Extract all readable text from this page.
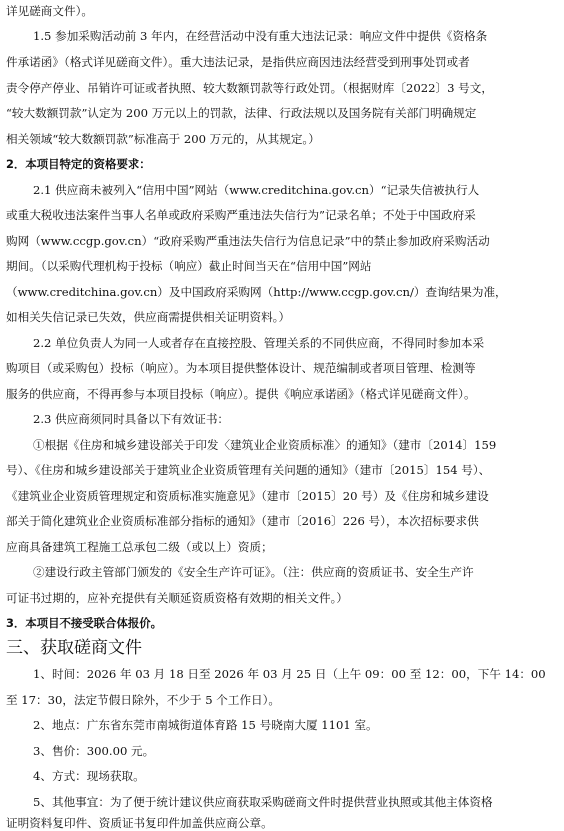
详见磋商文件）。
1.5 参加采购活动前 3 年内，在经营活动中没有重大违法记录：响应文件中提供《资格条
件承诺函》（格式详见磋商文件）。重大违法记录，是指供应商因违法经营受到刑事处罚或者
责令停产停业、吊销许可证或者执照、较大数额罚款等行政处罚。（根据财库〔2022〕3 号文，
“较大数额罚款”认定为 200 万元以上的罚款，法律、行政法规以及国务院有关部门明确规定
相关领域“较大数额罚款”标准高于 200 万元的，从其规定。）
2．本项目特定的资格要求：
2.1 供应商未被列入“信用中国”网站（www.creditchina.gov.cn）“记录失信被执行人
或重大税收违法案件当事人名单或政府采购严重违法失信行为”记录名单；不处于中国政府采
购网（www.ccgp.gov.cn）“政府采购严重违法失信行为信息记录”中的禁止参加政府采购活动
期间。（以采购代理机构于投标（响应）截止时间当天在“信用中国”网站
（www.creditchina.gov.cn）及中国政府采购网（http://www.ccgp.gov.cn/）查询结果为准，
如相关失信记录已失效，供应商需提供相关证明资料。）
2.2 单位负责人为同一人或者存在直接控股、管理关系的不同供应商，不得同时参加本采
购项目（或采购包）投标（响应）。为本项目提供整体设计、规范编制或者项目管理、检测等
服务的供应商，不得再参与本项目投标（响应）。提供《响应承诺函》（格式详见磋商文件）。
2.3 供应商须同时具备以下有效证书：
①根据《住房和城乡建设部关于印发〈建筑业企业资质标准〉的通知》（建市〔2014〕159
号）、《住房和城乡建设部关于建筑业企业资质管理有关问题的通知》（建市〔2015〕154 号）、
《建筑业企业资质管理规定和资质标准实施意见》（建市〔2015〕20 号）及《住房和城乡建设
部关于简化建筑业企业资质标准部分指标的通知》（建市〔2016〕226 号），本次招标要求供
应商具备建筑工程施工总承包二级（或以上）资质；
②建设行政主管部门颁发的《安全生产许可证》。（注：供应商的资质证书、安全生产许
可证书过期的，应补充提供有关顺延资质资格有效期的相关文件。）
3．本项目不接受联合体报价。
三、获取磋商文件
1、时间：2026 年 03 月 18 日至 2026 年 03 月 25 日（上午 09：00 至 12：00，下午 14：00
至 17：30，法定节假日除外，不少于 5 个工作日）。
2、地点：广东省东莞市南城街道体育路 15 号晓南大厦 1101 室。
3、售价：300.00 元。
4、方式：现场获取。
5、其他事宜：为了便于统计建议供应商获取采购磋商文件时提供营业执照或其他主体资格
证明资料复印件、资质证书复印件加盖供应商公章。
